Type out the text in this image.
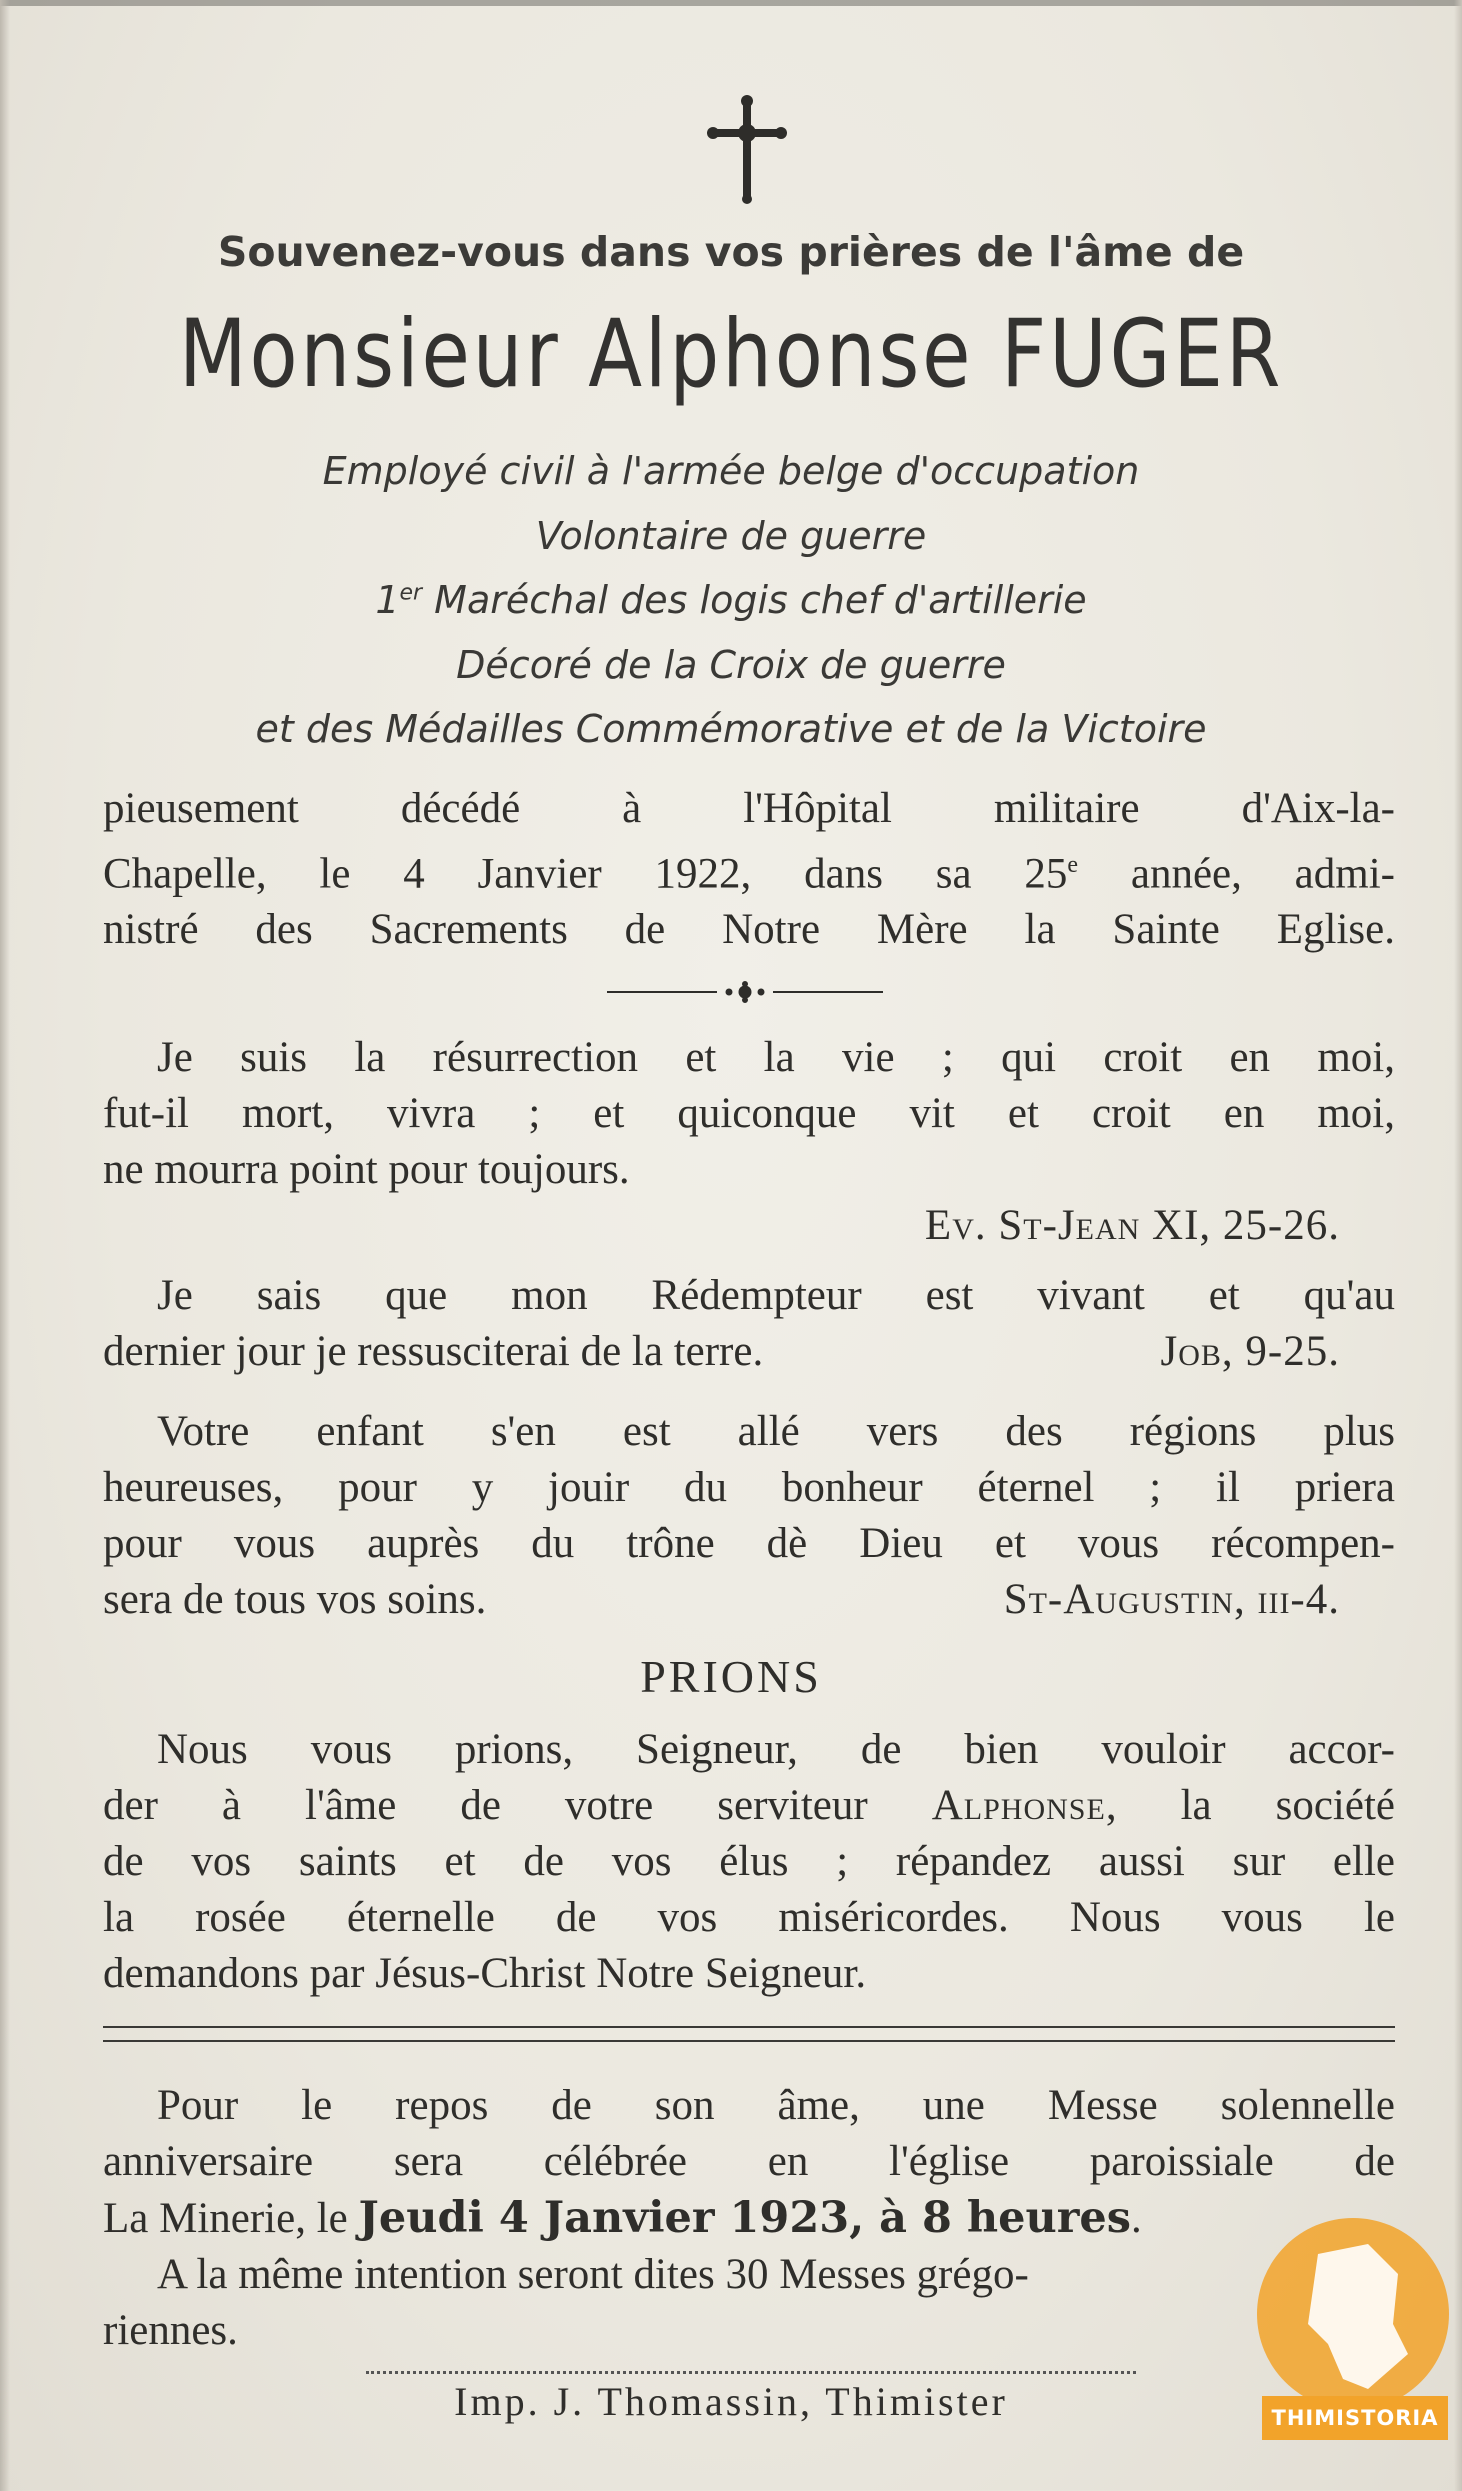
Souvenez-vous dans vos prières de l'âme de
Monsieur Alphonse FUGER
Employé civil à l'armée belge d'occupation
Volontaire de guerre
1er Maréchal des logis chef d'artillerie
Décoré de la Croix de guerre
et des Médailles Commémorative et de la Victoire
pieusement décédé à l'Hôpital militaire d'Aix-la-
Chapelle, le 4 Janvier 1922, dans sa 25e année, admi-
nistré des Sacrements de Notre Mère la Sainte Eglise.
Je suis la résurrection et la vie ; qui croit en moi,
fut-il mort, vivra ; et quiconque vit et croit en moi,
ne mourra point pour toujours.
Ev. St-Jean XI, 25-26.
Je sais que mon Rédempteur est vivant et qu'au
dernier jour je ressusciterai de la terre.	Job, 9-25.
Votre enfant s'en est allé vers des régions plus
heureuses, pour y jouir du bonheur éternel ; il priera
pour vous auprès du trône dè Dieu et vous récompen-
sera de tous vos soins.	St-Augustin, iii-4.
PRIONS
Nous vous prions, Seigneur, de bien vouloir accor-
der à l'âme de votre serviteur Alphonse, la société
de vos saints et de vos élus ; répandez aussi sur elle
la rosée éternelle de vos miséricordes. Nous vous le
demandons par Jésus-Christ Notre Seigneur.
Pour le repos de son âme, une Messe solennelle
anniversaire sera célébrée en l'église paroissiale de
La Minerie, le Jeudi 4 Janvier 1923, à 8 heures.
A la même intention seront dites 30 Messes grégo-
riennes.
Imp. J. Thomassin, Thimister	THIMISTORIA
